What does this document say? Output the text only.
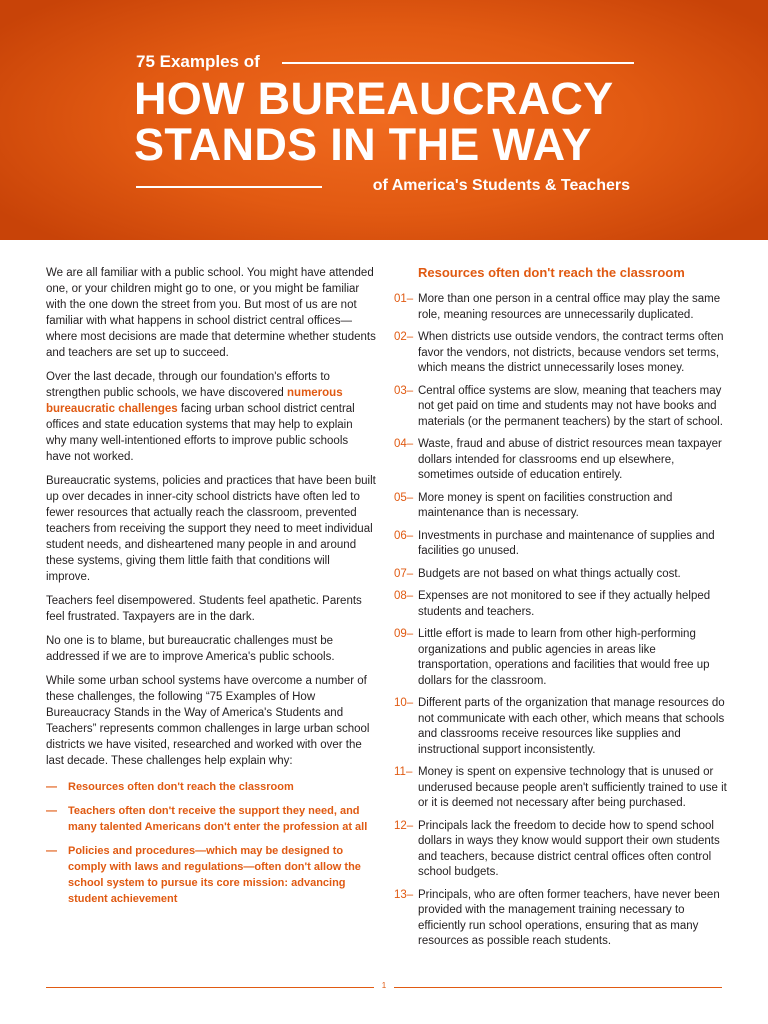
75 Examples of
HOW BUREAUCRACY
STANDS IN THE WAY
of America's Students & Teachers

We are all familiar with a public school. You might have attended one, or your children might go to one, or you might be familiar with the one down the street from you. But most of us are not familiar with what happens in school district central offices—where most decisions are made that determine whether students and teachers are set up to succeed.

Over the last decade, through our foundation's efforts to strengthen public schools, we have discovered numerous bureaucratic challenges facing urban school district central offices and state education systems that may help to explain why many well-intentioned efforts to improve public schools have not worked.

Bureaucratic systems, policies and practices that have been built up over decades in inner-city school districts have often led to fewer resources that actually reach the classroom, prevented teachers from receiving the support they need to meet individual student needs, and disheartened many people in and around these systems, giving them little faith that conditions will improve.

Teachers feel disempowered. Students feel apathetic. Parents feel frustrated. Taxpayers are in the dark.

No one is to blame, but bureaucratic challenges must be addressed if we are to improve America's public schools.

While some urban school systems have overcome a number of these challenges, the following “75 Examples of How Bureaucracy Stands in the Way of America's Students and Teachers” represents common challenges in large urban school districts we have visited, researched and worked with over the last decade. These challenges help explain why:

— Resources often don't reach the classroom
— Teachers often don't receive the support they need, and many talented Americans don't enter the profession at all
— Policies and procedures—which may be designed to comply with laws and regulations—often don't allow the school system to pursue its core mission: advancing student achievement
Resources often don't reach the classroom
01– More than one person in a central office may play the same role, meaning resources are unnecessarily duplicated.
02– When districts use outside vendors, the contract terms often favor the vendors, not districts, because vendors set terms, which means the district unnecessarily loses money.
03– Central office systems are slow, meaning that teachers may not get paid on time and students may not have books and materials (or the permanent teachers) by the start of school.
04– Waste, fraud and abuse of district resources mean taxpayer dollars intended for classrooms end up elsewhere, sometimes outside of education entirely.
05– More money is spent on facilities construction and maintenance than is necessary.
06– Investments in purchase and maintenance of supplies and facilities go unused.
07– Budgets are not based on what things actually cost.
08– Expenses are not monitored to see if they actually helped students and teachers.
09– Little effort is made to learn from other high-performing organizations and public agencies in areas like transportation, operations and facilities that would free up dollars for the classroom.
10– Different parts of the organization that manage resources do not communicate with each other, which means that schools and classrooms receive resources like supplies and instructional support inconsistently.
11– Money is spent on expensive technology that is unused or underused because people aren't sufficiently trained to use it or it is deemed not necessary after being purchased.
12– Principals lack the freedom to decide how to spend school dollars in ways they know would support their own students and teachers, because district central offices often control school budgets.
13– Principals, who are often former teachers, have never been provided with the management training necessary to efficiently run school operations, ensuring that as many resources as possible reach students.
1
